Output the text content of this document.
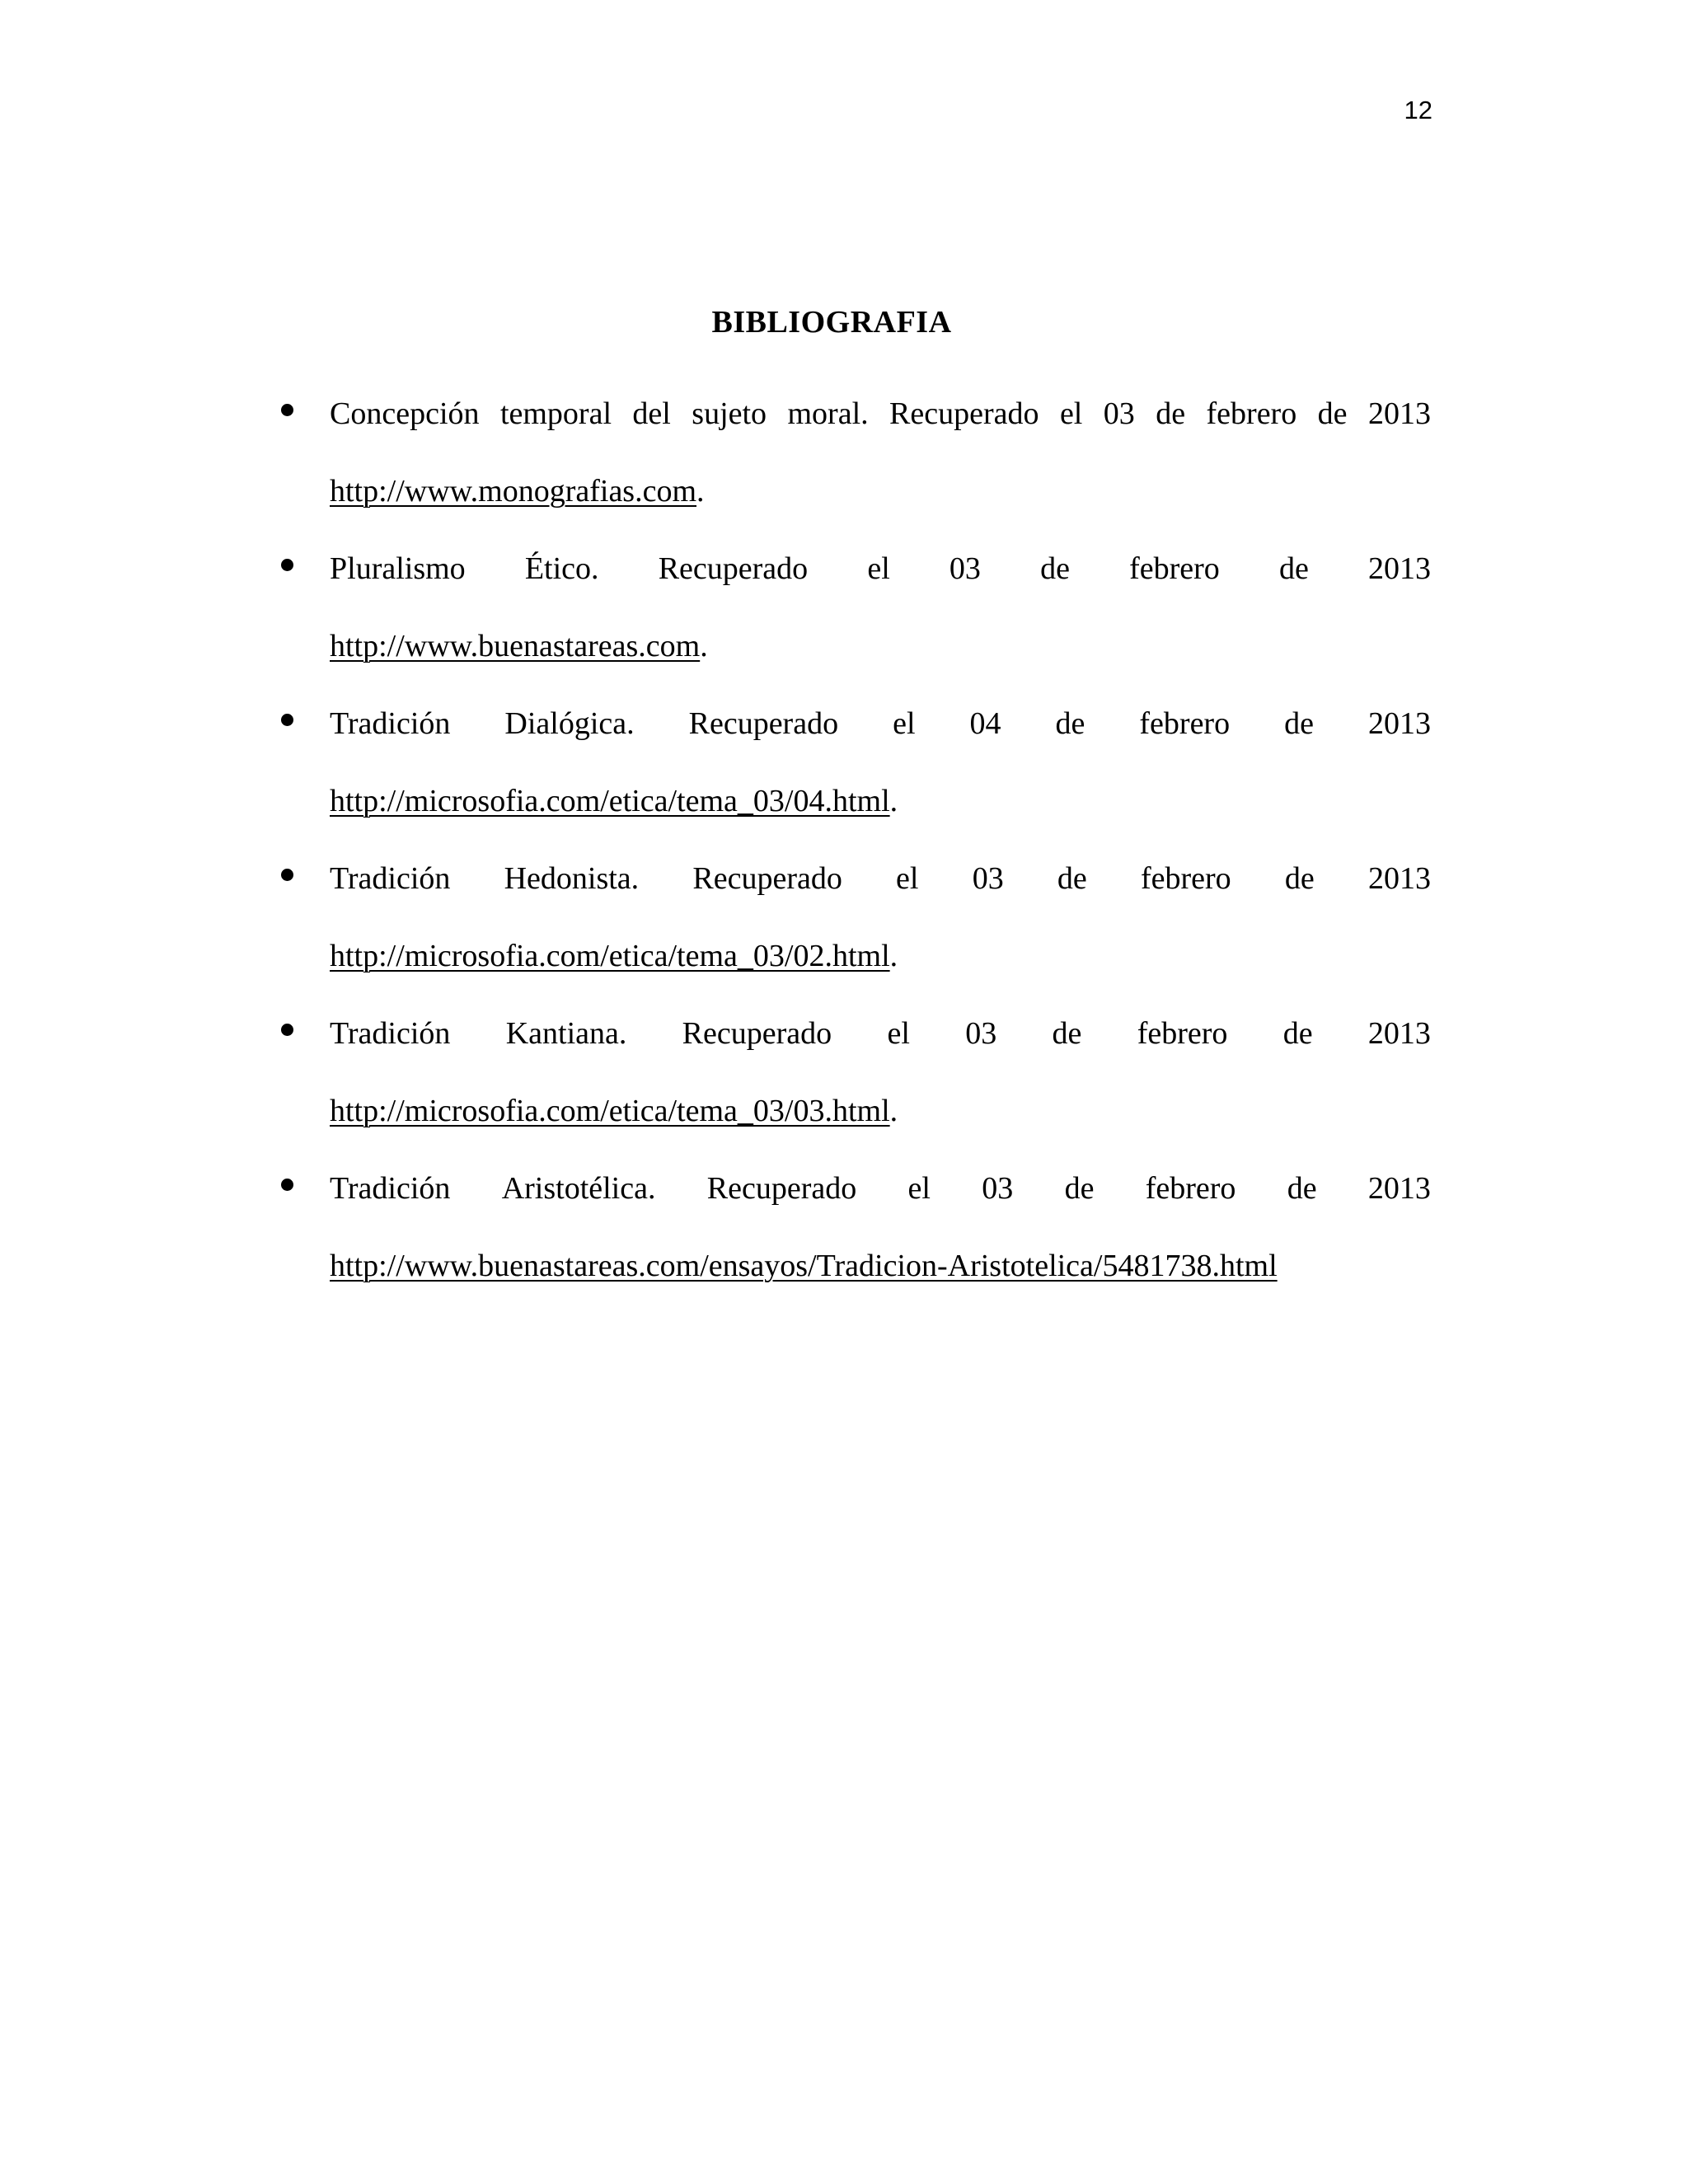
12
BIBLIOGRAFIA
Concepción temporal del sujeto moral. Recuperado el 03 de febrero de 2013
http://www.monografias.com.
Pluralismo Ético. Recuperado el 03 de febrero de 2013
http://www.buenastareas.com.
Tradición Dialógica. Recuperado el 04 de febrero de 2013
http://microsofia.com/etica/tema_03/04.html.
Tradición Hedonista. Recuperado el 03 de febrero de 2013
http://microsofia.com/etica/tema_03/02.html.
Tradición Kantiana. Recuperado el 03 de febrero de 2013
http://microsofia.com/etica/tema_03/03.html.
Tradición Aristotélica. Recuperado el 03 de febrero de 2013
http://www.buenastareas.com/ensayos/Tradicion-Aristotelica/5481738.html
